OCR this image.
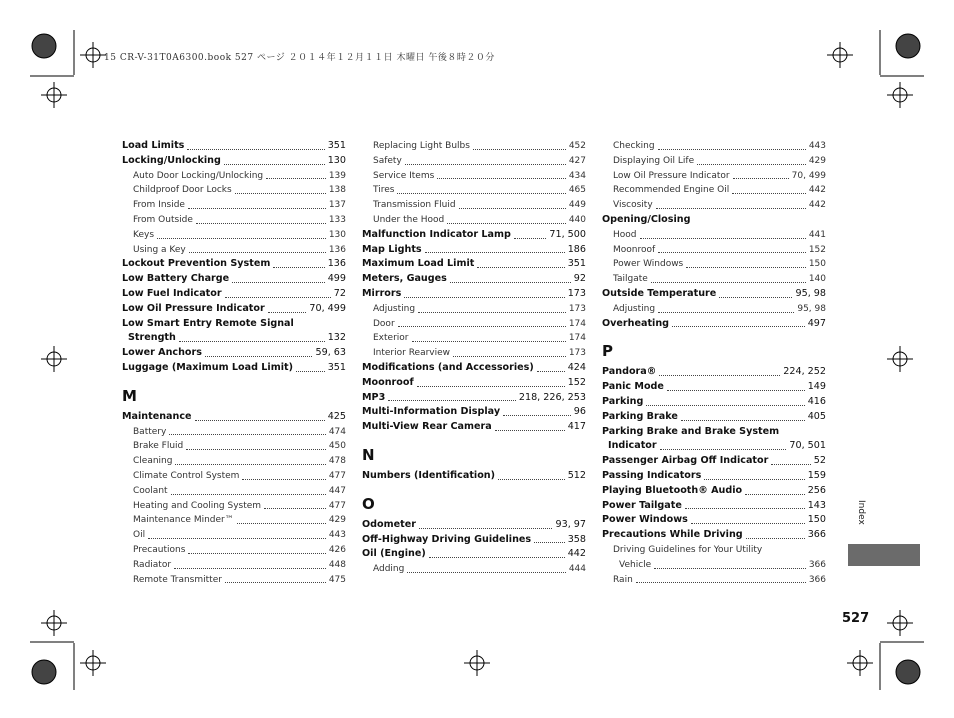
15 CR-V-31T0A6300.book 527 ページ ２０１４年１２月１１日 木曜日 午後８時２０分
Load Limits	351
Locking/Unlocking	130
Auto Door Locking/Unlocking	139
Childproof Door Locks	138
From Inside	137
From Outside	133
Keys	130
Using a Key	136
Lockout Prevention System	136
Low Battery Charge	499
Low Fuel Indicator	72
Low Oil Pressure Indicator	70, 499
Low Smart Entry Remote Signal
Strength	132
Lower Anchors	59, 63
Luggage (Maximum Load Limit)	351
M
Maintenance	425
Battery	474
Brake Fluid	450
Cleaning	478
Climate Control System	477
Coolant	447
Heating and Cooling System	477
Maintenance Minder™	429
Oil	443
Precautions	426
Radiator	448
Remote Transmitter	475
Replacing Light Bulbs	452
Safety	427
Service Items	434
Tires	465
Transmission Fluid	449
Under the Hood	440
Malfunction Indicator Lamp	71, 500
Map Lights	186
Maximum Load Limit	351
Meters, Gauges	92
Mirrors	173
Adjusting	173
Door	174
Exterior	174
Interior Rearview	173
Modifications (and Accessories)	424
Moonroof	152
MP3	218, 226, 253
Multi-Information Display	96
Multi-View Rear Camera	417
N
Numbers (Identification)	512
O
Odometer	93, 97
Off-Highway Driving Guidelines	358
Oil (Engine)	442
Adding	444
Checking	443
Displaying Oil Life	429
Low Oil Pressure Indicator	70, 499
Recommended Engine Oil	442
Viscosity	442
Opening/Closing
Hood	441
Moonroof	152
Power Windows	150
Tailgate	140
Outside Temperature	95, 98
Adjusting	95, 98
Overheating	497
P
Pandora®	224, 252
Panic Mode	149
Parking	416
Parking Brake	405
Parking Brake and Brake System
Indicator	70, 501
Passenger Airbag Off Indicator	52
Passing Indicators	159
Playing Bluetooth® Audio	256
Power Tailgate	143
Power Windows	150
Precautions While Driving	366
Driving Guidelines for Your Utility
Vehicle	366
Rain	366
Index
527
